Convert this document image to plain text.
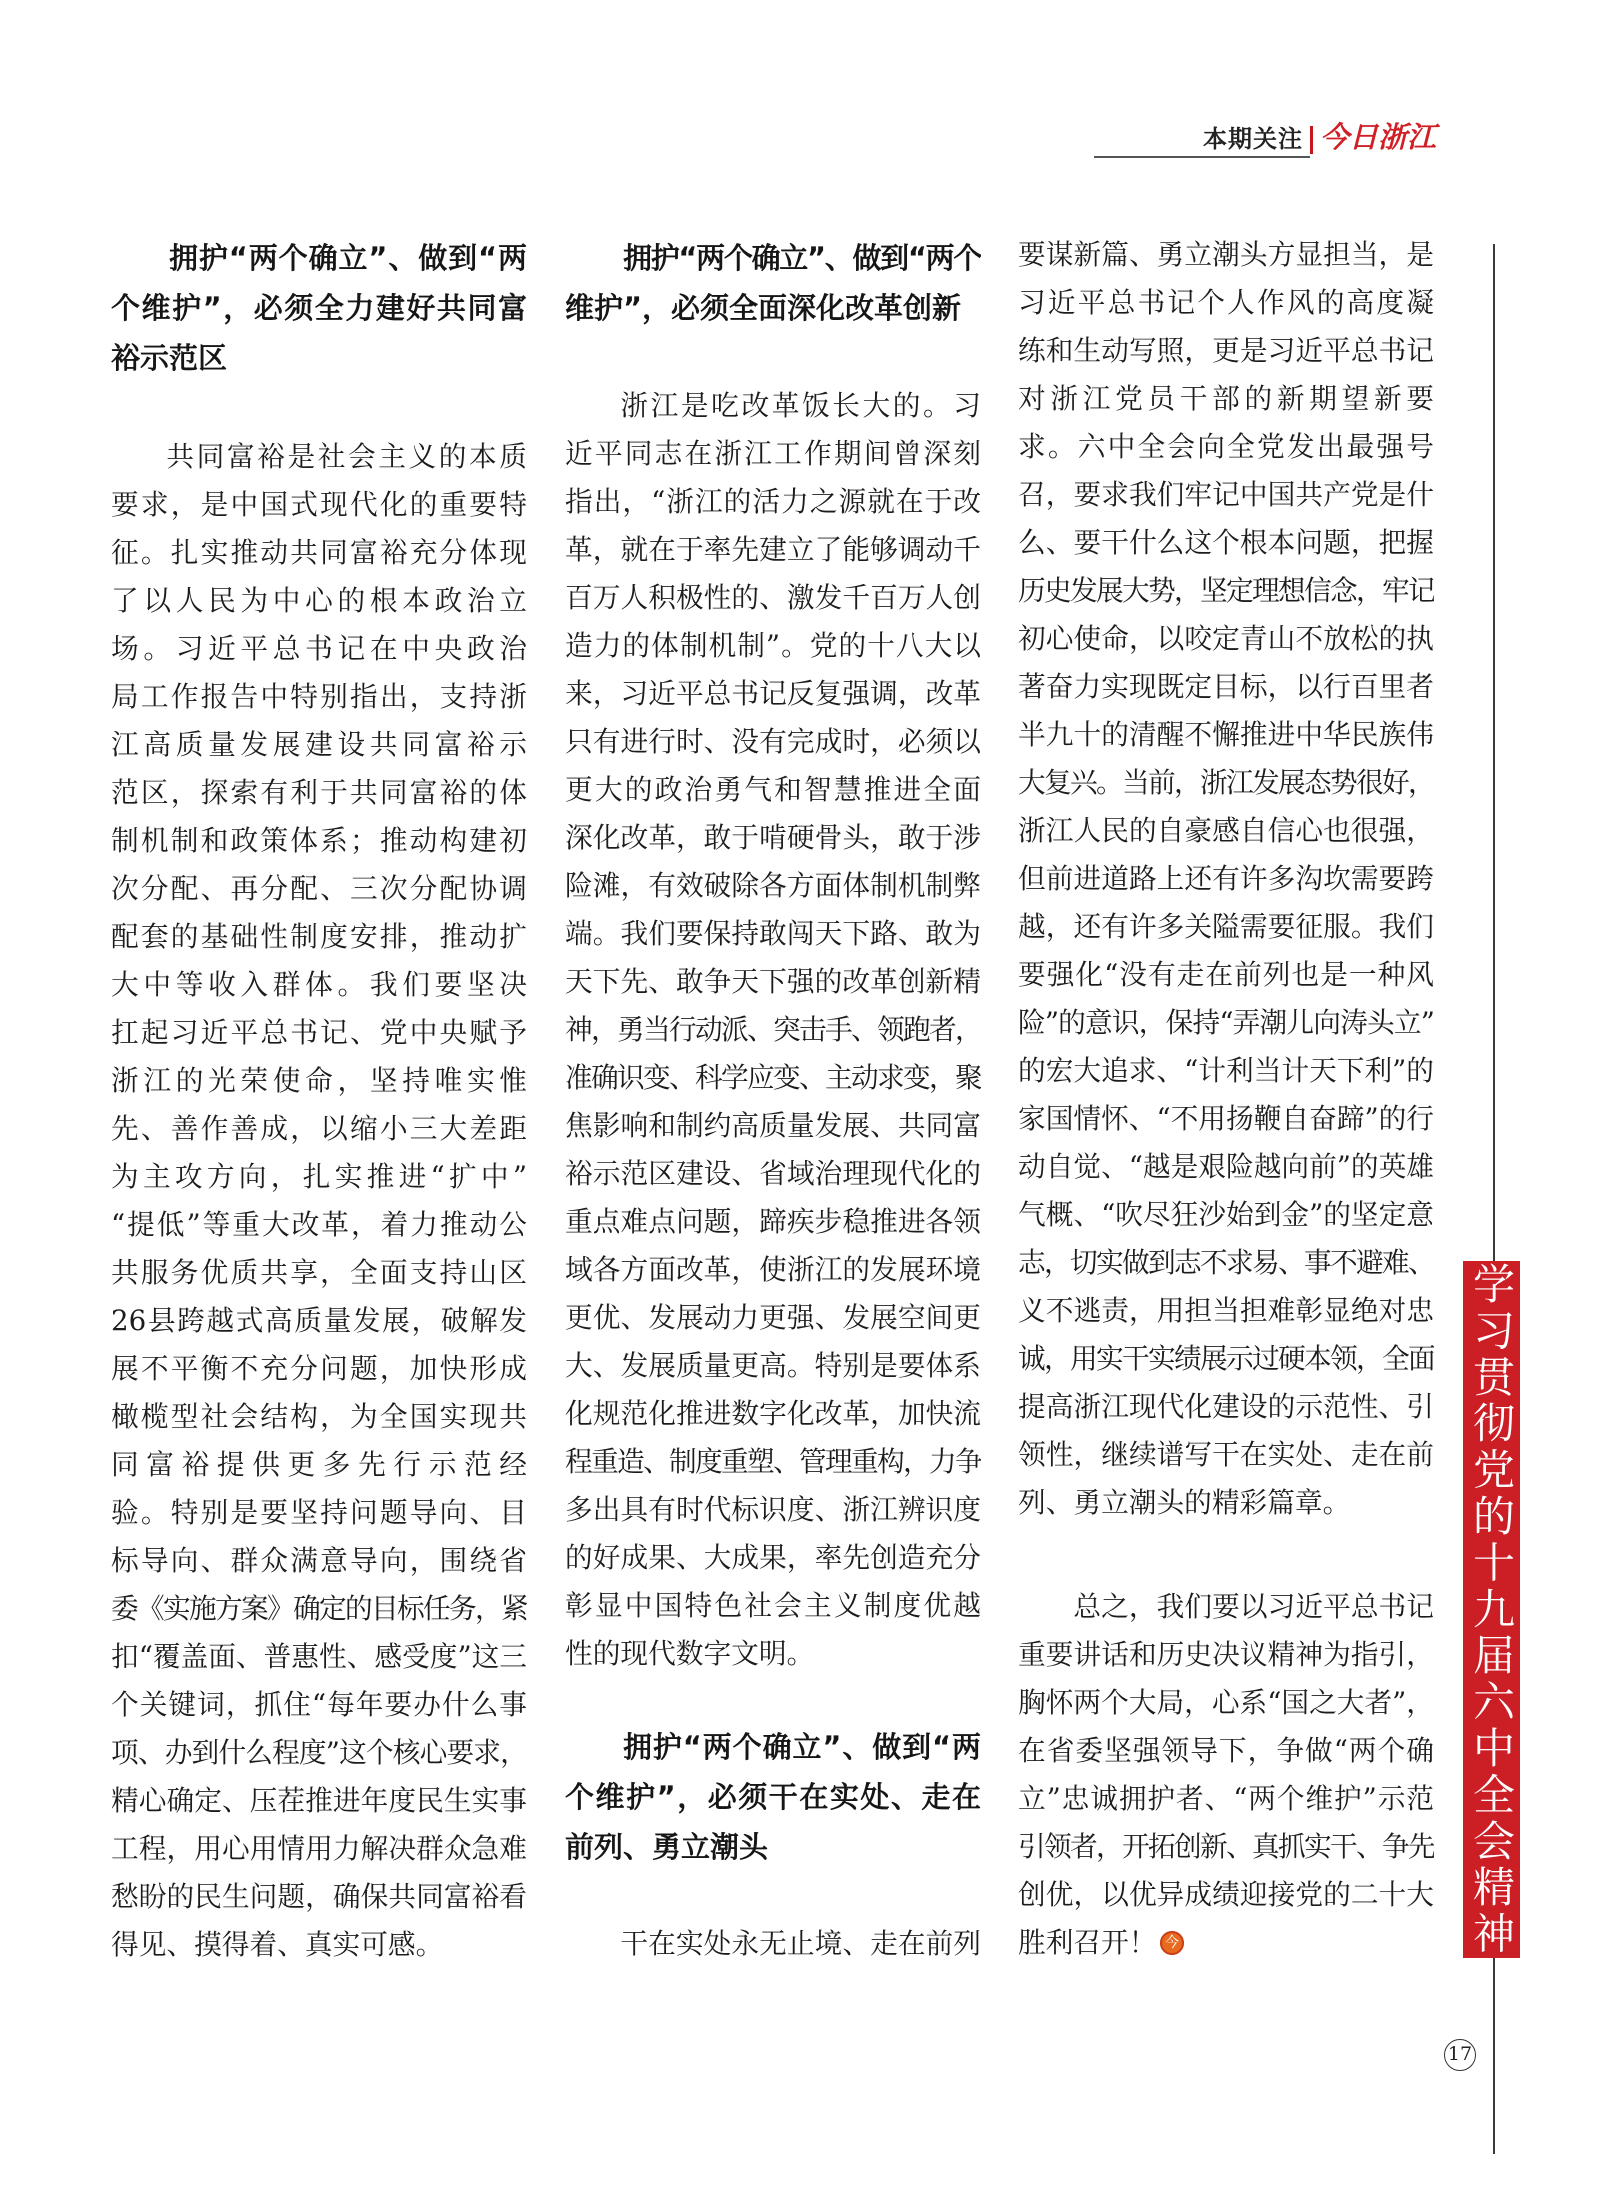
本期关注 今日浙江
拥护“两个确立”、做到“两
个维护”，必须全力建好共同富
裕示范区
共同富裕是社会主义的本质
要求，是中国式现代化的重要特
征。扎实推动共同富裕充分体现
了以人民为中心的根本政治立
场。习近平总书记在中央政治
局工作报告中特别指出，支持浙
江高质量发展建设共同富裕示
范区，探索有利于共同富裕的体
制机制和政策体系；推动构建初
次分配、再分配、三次分配协调
配套的基础性制度安排，推动扩
大中等收入群体。我们要坚决
扛起习近平总书记、党中央赋予
浙江的光荣使命，坚持唯实惟
先、善作善成，以缩小三大差距
为主攻方向，扎实推进“扩中”
“提低”等重大改革，着力推动公
共服务优质共享，全面支持山区
26县跨越式高质量发展，破解发
展不平衡不充分问题，加快形成
橄榄型社会结构，为全国实现共
同富裕提供更多先行示范经
验。特别是要坚持问题导向、目
标导向、群众满意导向，围绕省
委《实施方案》确定的目标任务，紧
扣“覆盖面、普惠性、感受度”这三
个关键词，抓住“每年要办什么事
项、办到什么程度”这个核心要求，
精心确定、压茬推进年度民生实事
工程，用心用情用力解决群众急难
愁盼的民生问题，确保共同富裕看
得见、摸得着、真实可感。
拥护“两个确立”、做到“两个
维护”，必须全面深化改革创新
浙江是吃改革饭长大的。习
近平同志在浙江工作期间曾深刻
指出，“浙江的活力之源就在于改
革，就在于率先建立了能够调动千
百万人积极性的、激发千百万人创
造力的体制机制”。党的十八大以
来，习近平总书记反复强调，改革
只有进行时、没有完成时，必须以
更大的政治勇气和智慧推进全面
深化改革，敢于啃硬骨头，敢于涉
险滩，有效破除各方面体制机制弊
端。我们要保持敢闯天下路、敢为
天下先、敢争天下强的改革创新精
神，勇当行动派、突击手、领跑者，
准确识变、科学应变、主动求变，聚
焦影响和制约高质量发展、共同富
裕示范区建设、省域治理现代化的
重点难点问题，蹄疾步稳推进各领
域各方面改革，使浙江的发展环境
更优、发展动力更强、发展空间更
大、发展质量更高。特别是要体系
化规范化推进数字化改革，加快流
程重造、制度重塑、管理重构，力争
多出具有时代标识度、浙江辨识度
的好成果、大成果，率先创造充分
彰显中国特色社会主义制度优越
性的现代数字文明。
拥护“两个确立”、做到“两
个维护”，必须干在实处、走在
前列、勇立潮头
干在实处永无止境、走在前列
要谋新篇、勇立潮头方显担当，是
习近平总书记个人作风的高度凝
练和生动写照，更是习近平总书记
对浙江党员干部的新期望新要
求。六中全会向全党发出最强号
召，要求我们牢记中国共产党是什
么、要干什么这个根本问题，把握
历史发展大势，坚定理想信念，牢记
初心使命，以咬定青山不放松的执
著奋力实现既定目标，以行百里者
半九十的清醒不懈推进中华民族伟
大复兴。当前，浙江发展态势很好，
浙江人民的自豪感自信心也很强，
但前进道路上还有许多沟坎需要跨
越，还有许多关隘需要征服。我们
要强化“没有走在前列也是一种风
险”的意识，保持“弄潮儿向涛头立”
的宏大追求、“计利当计天下利”的
家国情怀、“不用扬鞭自奋蹄”的行
动自觉、“越是艰险越向前”的英雄
气概、“吹尽狂沙始到金”的坚定意
志，切实做到志不求易、事不避难、
义不逃责，用担当担难彰显绝对忠
诚，用实干实绩展示过硬本领，全面
提高浙江现代化建设的示范性、引
领性，继续谱写干在实处、走在前
列、勇立潮头的精彩篇章。
总之，我们要以习近平总书记
重要讲话和历史决议精神为指引，
胸怀两个大局，心系“国之大者”，
在省委坚强领导下，争做“两个确
立”忠诚拥护者、“两个维护”示范
引领者，开拓创新、真抓实干、争先
创优，以优异成绩迎接党的二十大
胜利召开！ 今	学习贯彻党的十九届六中全会精神
17
